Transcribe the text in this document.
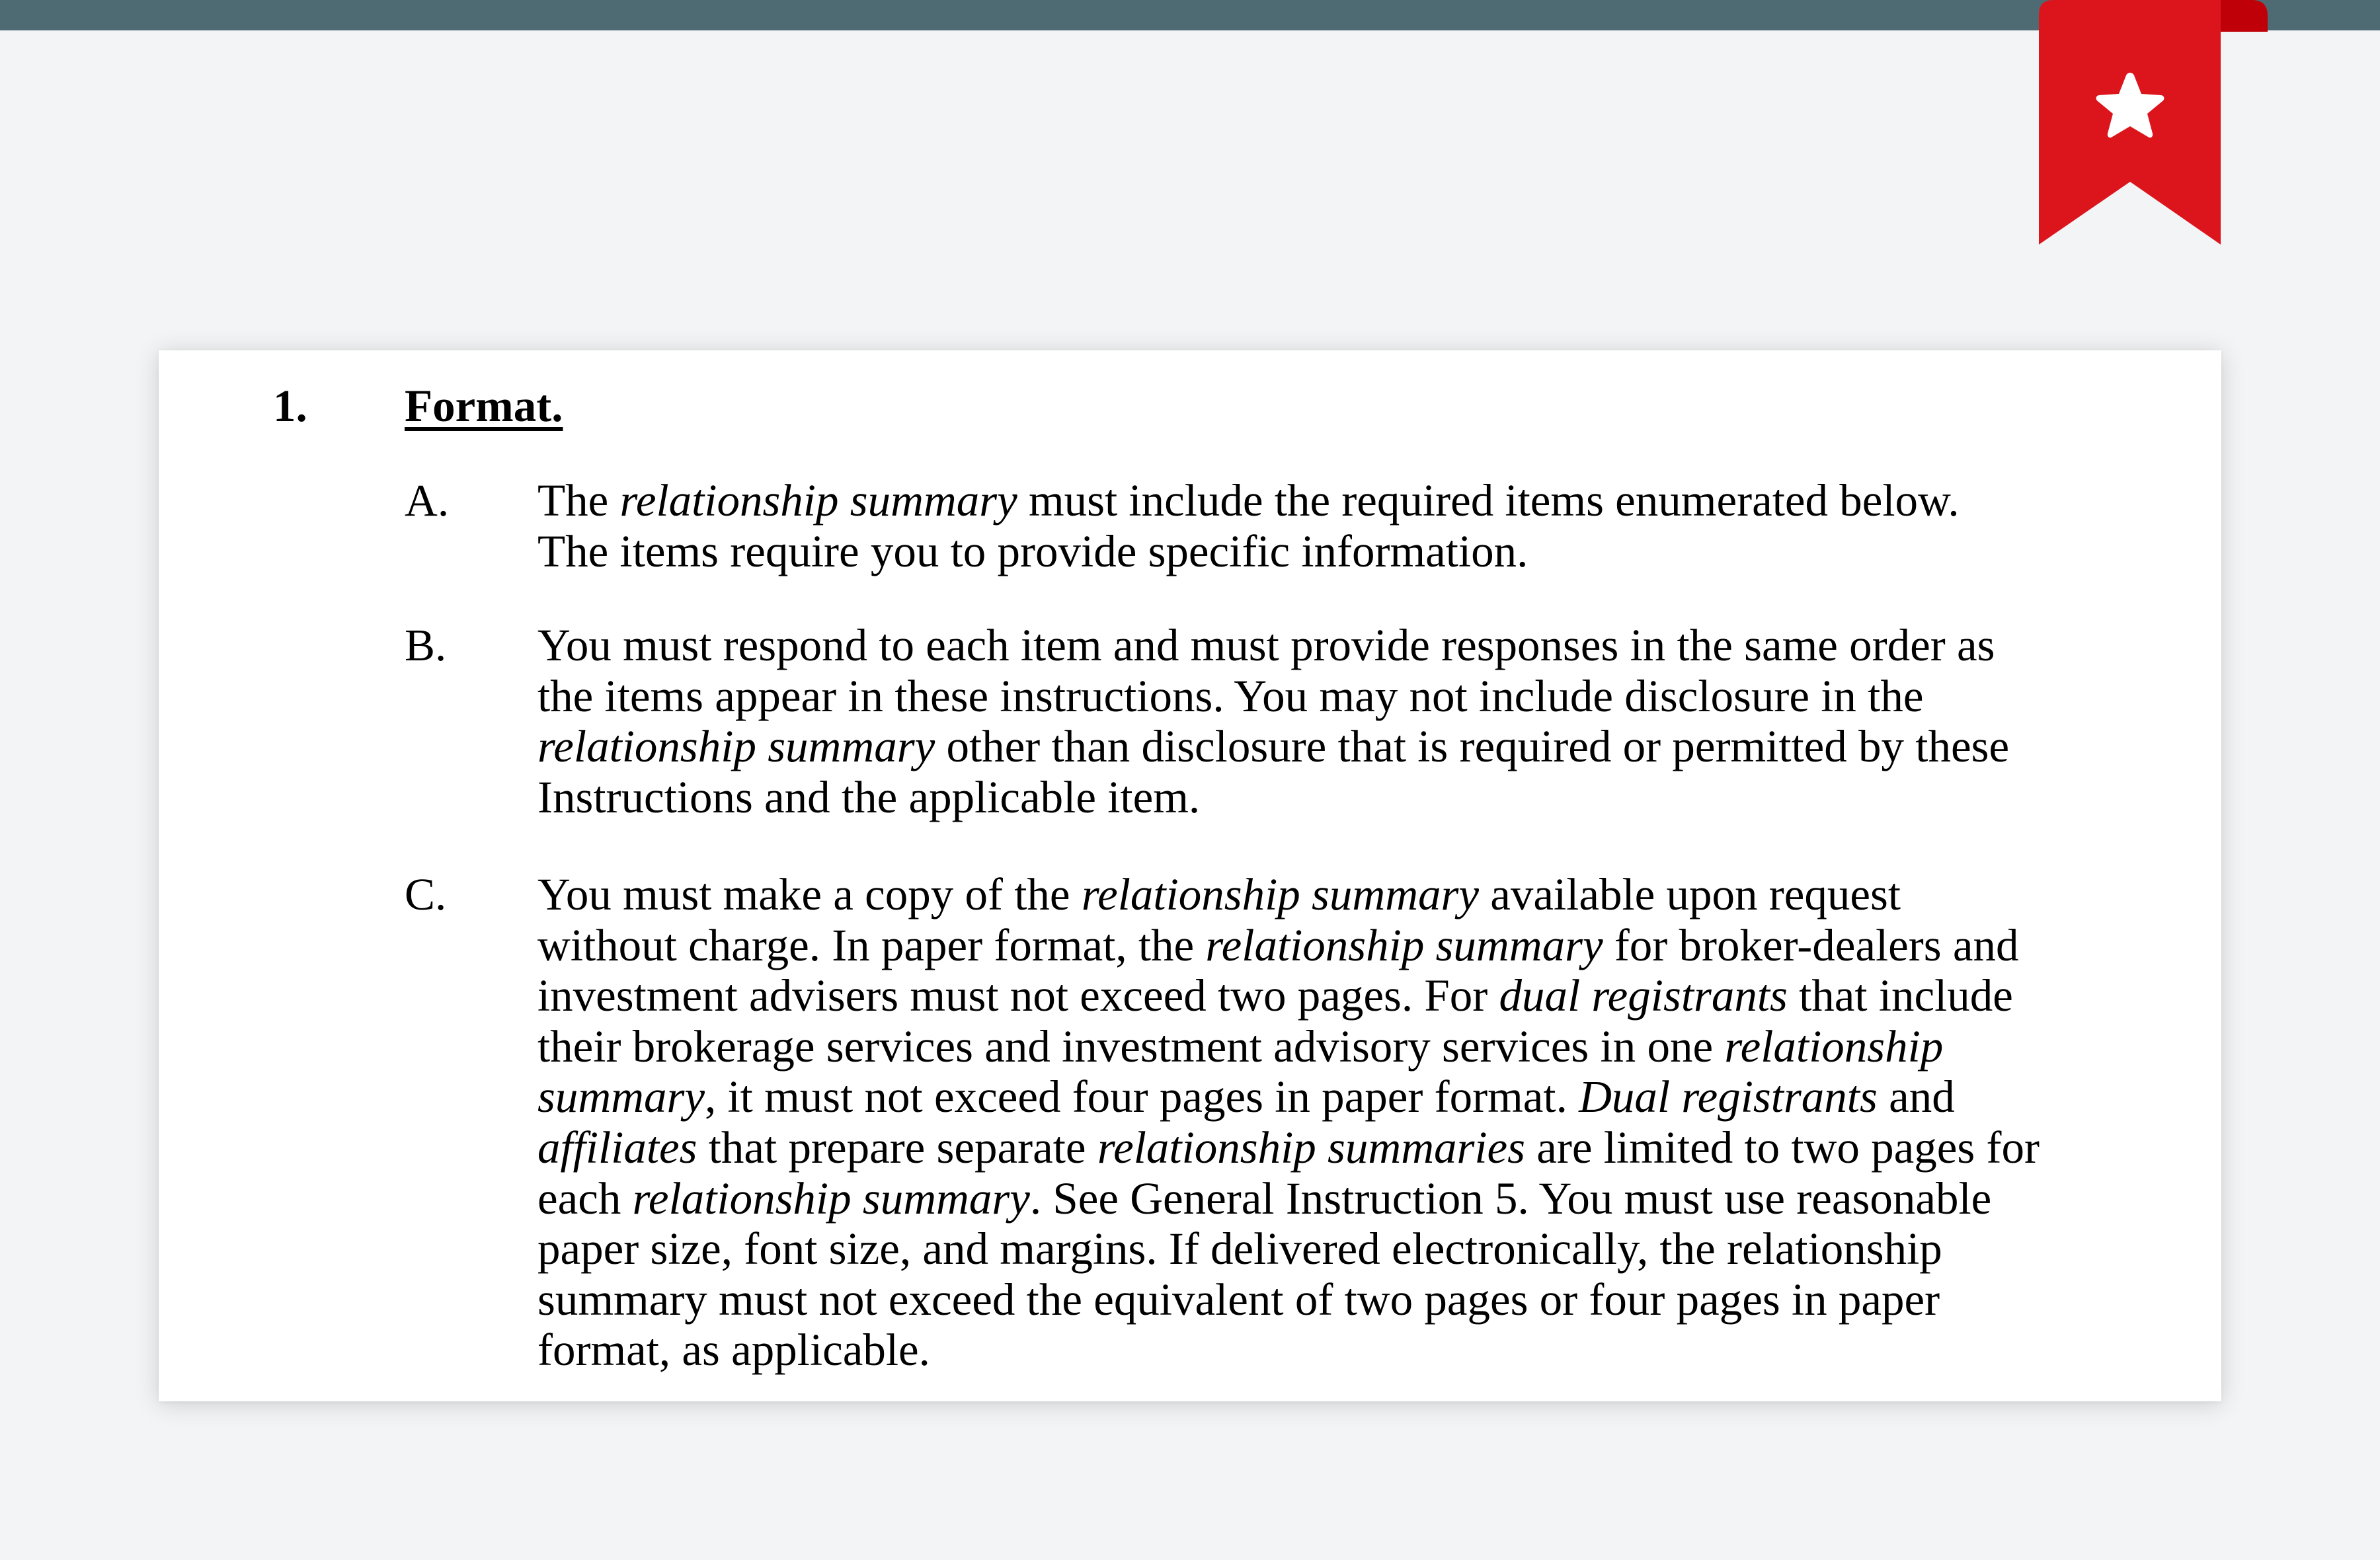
1. Format.
A. The relationship summary must include the required items enumerated below.
The items require you to provide specific information.
B. You must respond to each item and must provide responses in the same order as
the items appear in these instructions. You may not include disclosure in the
relationship summary other than disclosure that is required or permitted by these
Instructions and the applicable item.
C. You must make a copy of the relationship summary available upon request
without charge. In paper format, the relationship summary for broker-dealers and
investment advisers must not exceed two pages. For dual registrants that include
their brokerage services and investment advisory services in one relationship
summary, it must not exceed four pages in paper format. Dual registrants and
affiliates that prepare separate relationship summaries are limited to two pages for
each relationship summary. See General Instruction 5. You must use reasonable
paper size, font size, and margins. If delivered electronically, the relationship
summary must not exceed the equivalent of two pages or four pages in paper
format, as applicable.
